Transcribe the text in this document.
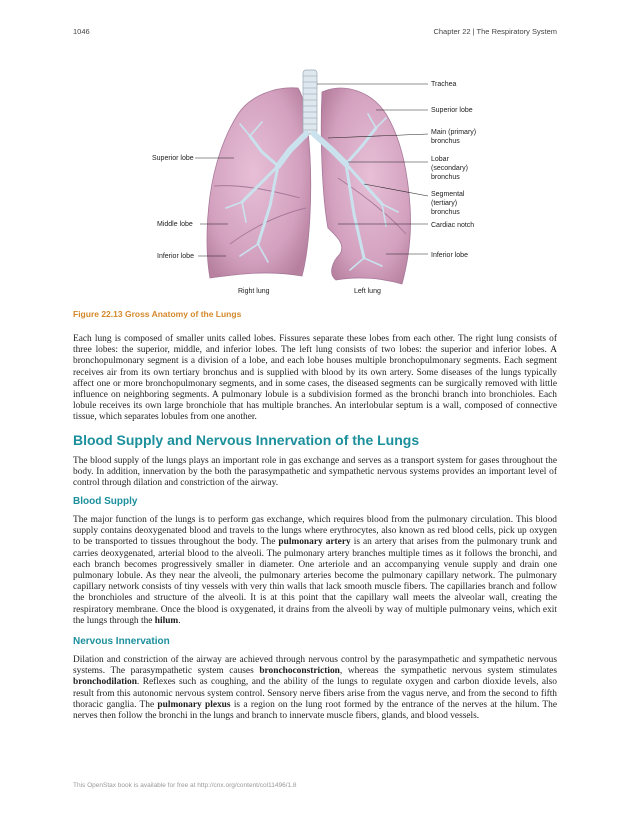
1046	Chapter 22 | The Respiratory System
Trachea
Superior lobe
Main (primary)
bronchus
Lobar
(secondary)
bronchus
Segmental
(tertiary)
bronchus
Cardiac notch
Inferior lobe
Superior lobe
Middle lobe
Inferior lobe
Right lung	Left lung
Figure 22.13 Gross Anatomy of the Lungs

Each lung is composed of smaller units called lobes. Fissures separate these lobes from each other. The right lung consists of three lobes: the superior, middle, and inferior lobes. The left lung consists of two lobes: the superior and inferior lobes. A bronchopulmonary segment is a division of a lobe, and each lobe houses multiple bronchopulmonary segments. Each segment receives air from its own tertiary bronchus and is supplied with blood by its own artery. Some diseases of the lungs typically affect one or more bronchopulmonary segments, and in some cases, the diseased segments can be surgically removed with little influence on neighboring segments. A pulmonary lobule is a subdivision formed as the bronchi branch into bronchioles. Each lobule receives its own large bronchiole that has multiple branches. An interlobular septum is a wall, composed of connective tissue, which separates lobules from one another.

Blood Supply and Nervous Innervation of the Lungs

The blood supply of the lungs plays an important role in gas exchange and serves as a transport system for gases throughout the body. In addition, innervation by the both the parasympathetic and sympathetic nervous systems provides an important level of control through dilation and constriction of the airway.

Blood Supply

The major function of the lungs is to perform gas exchange, which requires blood from the pulmonary circulation. This blood supply contains deoxygenated blood and travels to the lungs where erythrocytes, also known as red blood cells, pick up oxygen to be transported to tissues throughout the body. The pulmonary artery is an artery that arises from the pulmonary trunk and carries deoxygenated, arterial blood to the alveoli. The pulmonary artery branches multiple times as it follows the bronchi, and each branch becomes progressively smaller in diameter. One arteriole and an accompanying venule supply and drain one pulmonary lobule. As they near the alveoli, the pulmonary arteries become the pulmonary capillary network. The pulmonary capillary network consists of tiny vessels with very thin walls that lack smooth muscle fibers. The capillaries branch and follow the bronchioles and structure of the alveoli. It is at this point that the capillary wall meets the alveolar wall, creating the respiratory membrane. Once the blood is oxygenated, it drains from the alveoli by way of multiple pulmonary veins, which exit the lungs through the hilum.

Nervous Innervation

Dilation and constriction of the airway are achieved through nervous control by the parasympathetic and sympathetic nervous systems. The parasympathetic system causes bronchoconstriction, whereas the sympathetic nervous system stimulates bronchodilation. Reflexes such as coughing, and the ability of the lungs to regulate oxygen and carbon dioxide levels, also result from this autonomic nervous system control. Sensory nerve fibers arise from the vagus nerve, and from the second to fifth thoracic ganglia. The pulmonary plexus is a region on the lung root formed by the entrance of the nerves at the hilum. The nerves then follow the bronchi in the lungs and branch to innervate muscle fibers, glands, and blood vessels.

This OpenStax book is available for free at http://cnx.org/content/col11496/1.8
